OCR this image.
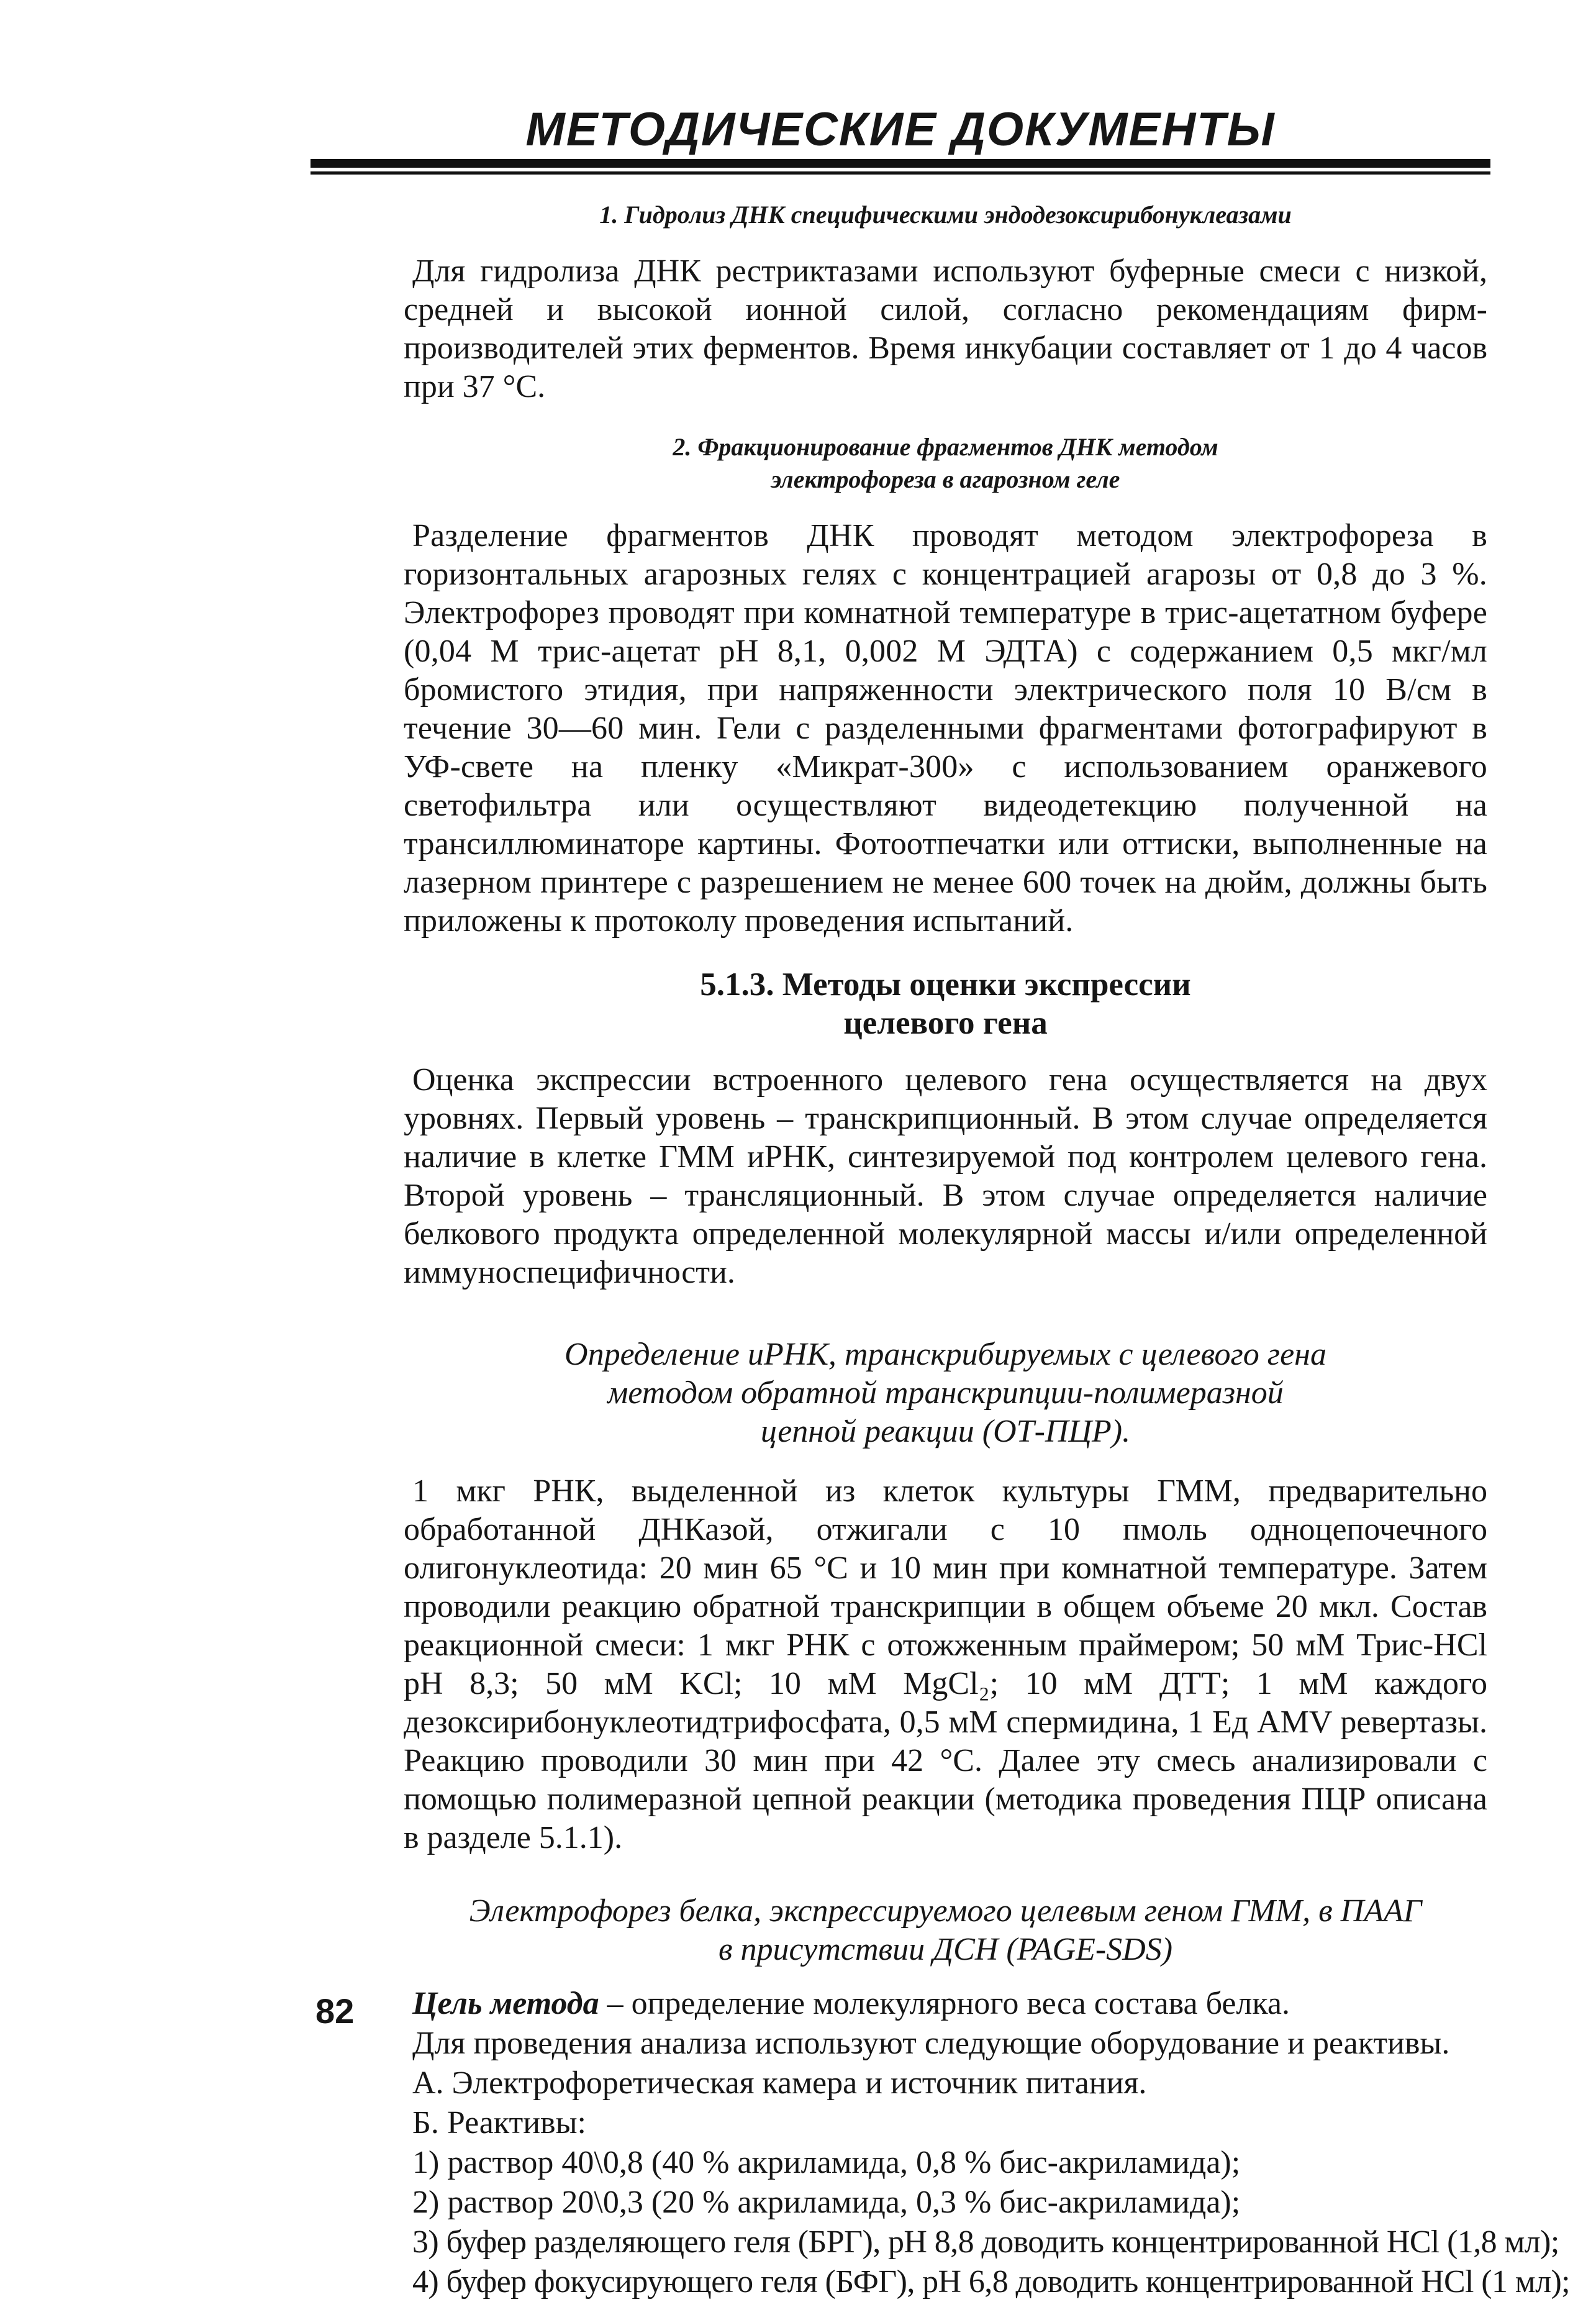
МЕТОДИЧЕСКИЕ ДОКУМЕНТЫ
1. Гидролиз ДНК специфическими эндодезоксирибонуклеазами

Для гидролиза ДНК рестриктазами используют буферные смеси с низкой, средней и высокой ионной силой, согласно рекомендациям фирм-производителей этих ферментов. Время инкубации составляет от 1 до 4 часов при 37 °С.

2. Фракционирование фрагментов ДНК методом
электрофореза в агарозном геле

Разделение фрагментов ДНК проводят методом электрофореза в горизонтальных агарозных гелях с концентрацией агарозы от 0,8 до 3 %. Электрофорез проводят при комнатной температуре в трис-ацетатном буфере (0,04 М трис-ацетат pH 8,1, 0,002 М ЭДТА) с содержанием 0,5 мкг/мл бромистого этидия, при напряженности электрического поля 10 В/см в течение 30—60 мин. Гели с разделенными фрагментами фотографируют в УФ-свете на пленку «Микрат-300» с использованием оранжевого светофильтра или осуществляют видеодетекцию полученной на трансиллюминаторе картины. Фотоотпечатки или оттиски, выполненные на лазерном принтере с разрешением не менее 600 точек на дюйм, должны быть приложены к протоколу проведения испытаний.

5.1.3. Методы оценки экспрессии
целевого гена

Оценка экспрессии встроенного целевого гена осуществляется на двух уровнях. Первый уровень – транскрипционный. В этом случае определяется наличие в клетке ГММ иРНК, синтезируемой под контролем целевого гена. Второй уровень – трансляционный. В этом случае определяется наличие белкового продукта определенной молекулярной массы и/или определенной иммуноспецифичности.

Определение иРНК, транскрибируемых с целевого гена
методом обратной транскрипции-полимеразной
цепной реакции (ОТ-ПЦР).

1 мкг РНК, выделенной из клеток культуры ГММ, предварительно обработанной ДНКазой, отжигали с 10 пмоль одноцепочечного олигонуклеотида: 20 мин 65 °С и 10 мин при комнатной температуре. Затем проводили реакцию обратной транскрипции в общем объеме 20 мкл. Состав реакционной смеси: 1 мкг РНК с отожженным праймером; 50 мМ Трис-HCl pH 8,3; 50 мМ KCl; 10 мМ MgCl₂; 10 мМ ДТТ; 1 мМ каждого дезоксирибонуклеотидтрифосфата, 0,5 мМ спермидина, 1 Ед AMV ревертазы. Реакцию проводили 30 мин при 42 °С. Далее эту смесь анализировали с помощью полимеразной цепной реакции (методика проведения ПЦР описана в разделе 5.1.1).

Электрофорез белка, экспрессируемого целевым геном ГММ, в ПААГ
в присутствии ДСН (PAGE-SDS)

Цель метода – определение молекулярного веса состава белка.

Для проведения анализа используют следующие оборудование и реактивы.

А. Электрофоретическая камера и источник питания.

Б. Реактивы:

1) раствор 40\0,8 (40 % акриламида, 0,8 % бис-акриламида);

2) раствор 20\0,3 (20 % акриламида, 0,3 % бис-акриламида);

3) буфер разделяющего геля (БРГ), pH 8,8 доводить концентрированной HCl (1,8 мл);

4) буфер фокусирующего геля (БФГ), pH 6,8 доводить концентрированной HCl (1 мл);

82
